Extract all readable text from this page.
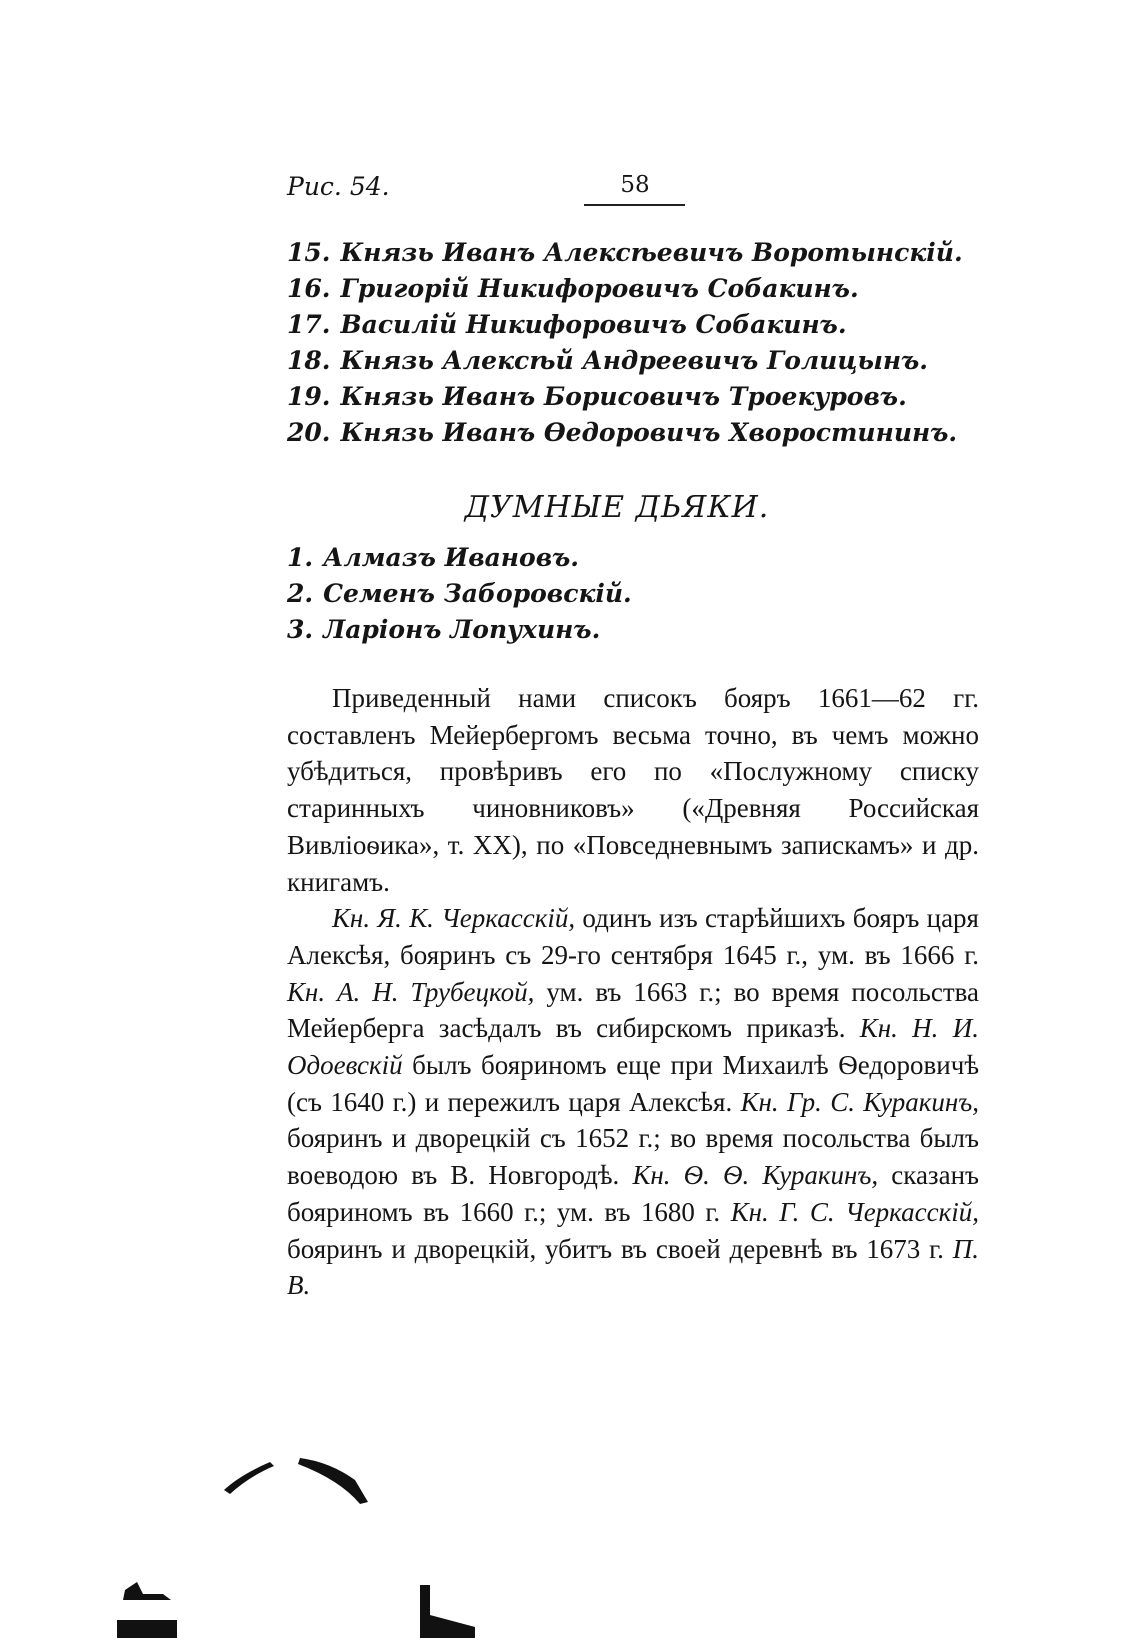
Рис. 54.	58
15. Князь Иванъ Алексѣевичъ Воротынскій.
16. Григорій Никифоровичъ Собакинъ.
17. Василій Никифоровичъ Собакинъ.
18. Князь Алексѣй Андреевичъ Голицынъ.
19. Князь Иванъ Борисовичъ Троекуровъ.
20. Князь Иванъ Ѳедоровичъ Хворостининъ.
ДУМНЫЕ ДЬЯКИ.
1. Алмазъ Ивановъ.
2. Семенъ Заборовскій.
3. Ларіонъ Лопухинъ.

Приведенный нами списокъ бояръ 1661—62 гг. составленъ Мейербергомъ весьма точно, въ чемъ можно убѣдиться, провѣривъ его по «Послужному списку старинныхъ чиновниковъ» («Древняя Российская Вивліоѳика», т. XX), по «Повседневнымъ запискамъ» и др. книгамъ.

Кн. Я. К. Черкасскій, одинъ изъ старѣйшихъ бояръ царя Алексѣя, бояринъ съ 29-го сентября 1645 г., ум. въ 1666 г. Кн. А. Н. Трубецкой, ум. въ 1663 г.; во время посольства Мейерберга засѣдалъ въ сибирскомъ приказѣ. Кн. Н. И. Одоевскій былъ бояриномъ еще при Михаилѣ Ѳедоровичѣ (съ 1640 г.) и пережилъ царя Алексѣя. Кн. Гр. С. Куракинъ, бояринъ и дворецкій съ 1652 г.; во время посольства былъ воеводою въ В. Новгородѣ. Кн. Ѳ. Ѳ. Куракинъ, сказанъ бояриномъ въ 1660 г.; ум. въ 1680 г. Кн. Г. С. Черкасскій, бояринъ и дворецкій, убитъ въ своей деревнѣ въ 1673 г. П. В.
